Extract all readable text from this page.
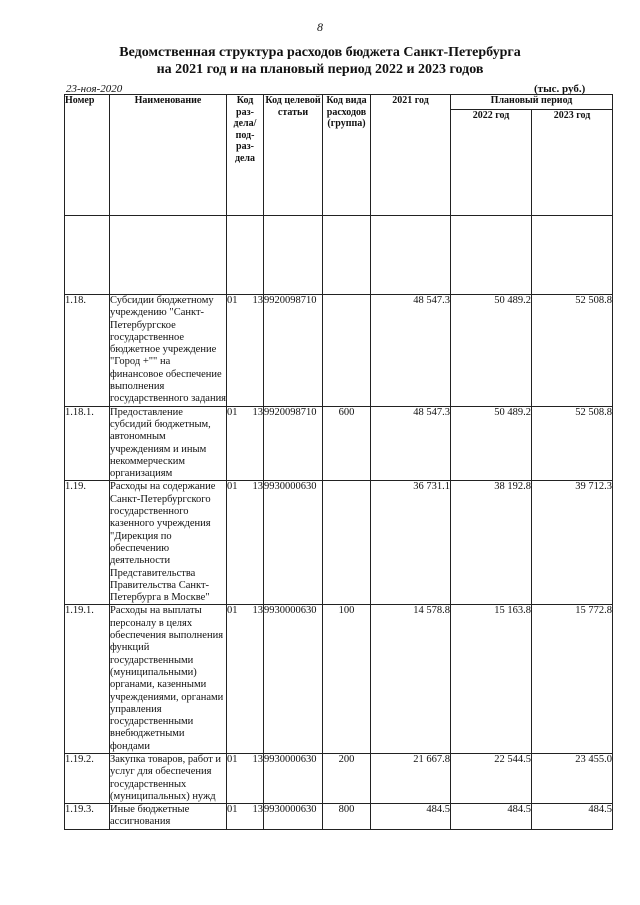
8
Ведомственная структура расходов бюджета Санкт-Петербурга
на 2021 год и на плановый период 2022 и 2023 годов
23-ноя-2020	(тыс. руб.)
Номер	Наименование	Код раз-дела/ под-раз-дела	Код целевой статьи	Код вида расходов (группа)	2021 год	Плановый период	
						2022 год	2023 год

1.18.	Субсидии бюджетному учреждению "Санкт-Петербургское государственное бюджетное учреждение "Город +"" на финансовое обеспечение выполнения государственного задания	01 13	9920098710		48 547.3	50 489.2	52 508.8
1.18.1.	Предоставление субсидий бюджетным, автономным учреждениям и иным некоммерческим организациям	01 13	9920098710	600	48 547.3	50 489.2	52 508.8
1.19.	Расходы на содержание Санкт-Петербургского государственного казенного учреждения "Дирекция по обеспечению деятельности Представительства Правительства Санкт-Петербурга в Москве"	01 13	9930000630		36 731.1	38 192.8	39 712.3
1.19.1.	Расходы на выплаты персоналу в целях обеспечения выполнения функций государственными (муниципальными) органами, казенными учреждениями, органами управления государственными внебюджетными фондами	01 13	9930000630	100	14 578.8	15 163.8	15 772.8
1.19.2.	Закупка товаров, работ и услуг для обеспечения государственных (муниципальных) нужд	01 13	9930000630	200	21 667.8	22 544.5	23 455.0
1.19.3.	Иные бюджетные ассигнования	01 13	9930000630	800	484.5	484.5	484.5
